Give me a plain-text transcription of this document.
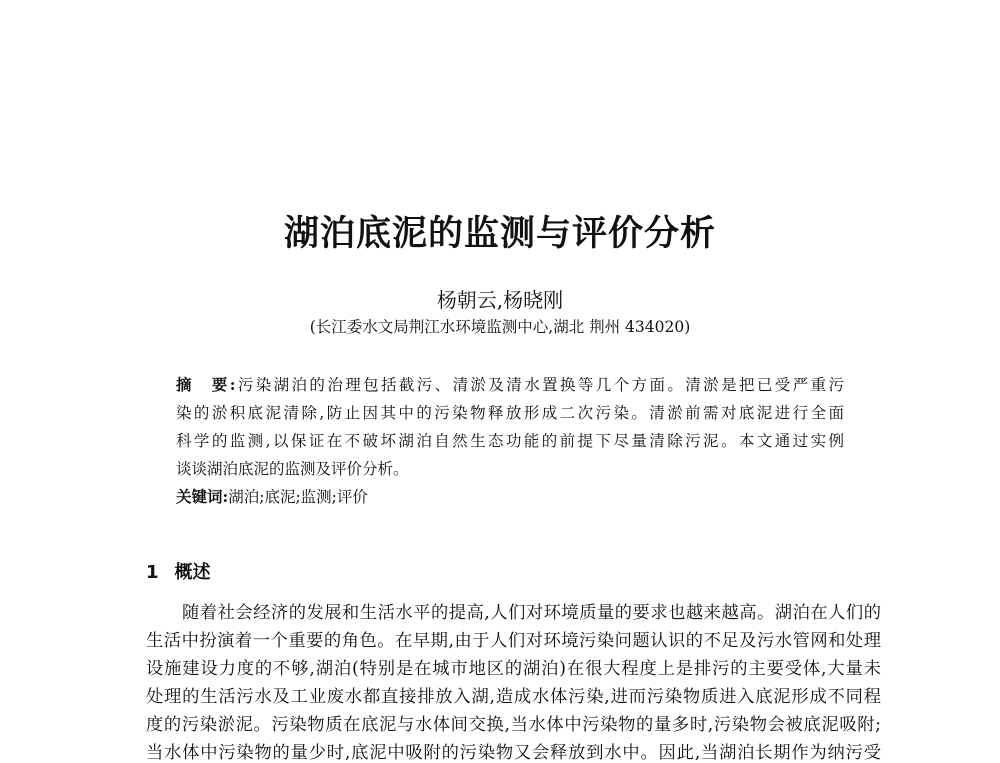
湖泊底泥的监测与评价分析
杨朝云,杨晓刚
(长江委水文局荆江水环境监测中心,湖北 荆州 434020)
摘　要:污染湖泊的治理包括截污、清淤及清水置换等几个方面。清淤是把已受严重污
染的淤积底泥清除,防止因其中的污染物释放形成二次污染。清淤前需对底泥进行全面
科学的监测,以保证在不破坏湖泊自然生态功能的前提下尽量清除污泥。本文通过实例
谈谈湖泊底泥的监测及评价分析。
关键词:湖泊;底泥;监测;评价
1 概述
随着社会经济的发展和生活水平的提高,人们对环境质量的要求也越来越高。湖泊在人们的
生活中扮演着一个重要的角色。在早期,由于人们对环境污染问题认识的不足及污水管网和处理
设施建设力度的不够,湖泊(特别是在城市地区的湖泊)在很大程度上是排污的主要受体,大量未
处理的生活污水及工业废水都直接排放入湖,造成水体污染,进而污染物质进入底泥形成不同程
度的污染淤泥。污染物质在底泥与水体间交换,当水体中污染物的量多时,污染物会被底泥吸附;
当水体中污染物的量少时,底泥中吸附的污染物又会释放到水中。因此,当湖泊长期作为纳污受
